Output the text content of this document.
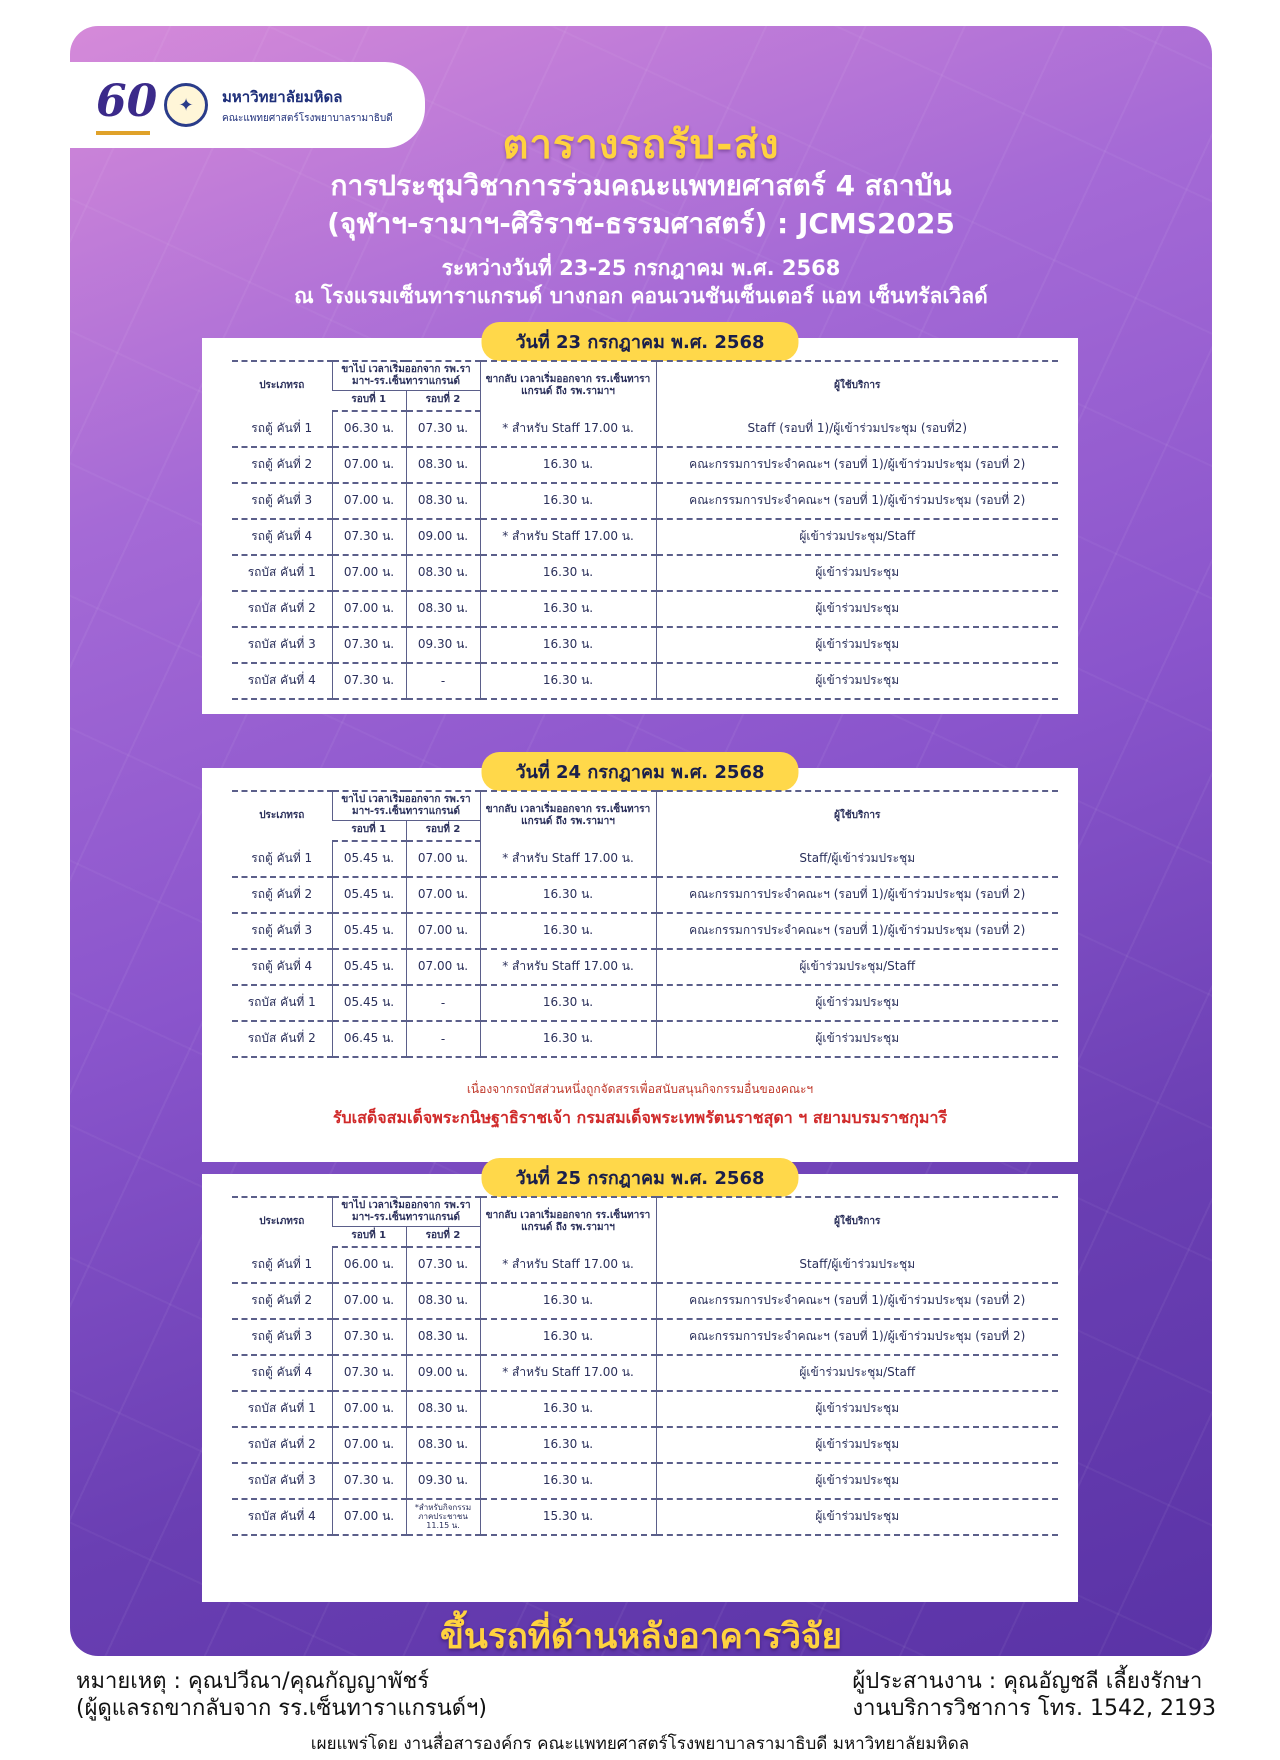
60	✦	มหาวิทยาลัยมหิดล
คณะแพทยศาสตร์โรงพยาบาลรามาธิบดี
ตารางรถรับ-ส่ง
การประชุมวิชาการร่วมคณะแพทยศาสตร์ 4 สถาบัน
(จุฬาฯ-รามาฯ-ศิริราช-ธรรมศาสตร์) : JCMS2025
ระหว่างวันที่ 23-25 กรกฎาคม พ.ศ. 2568
ณ โรงแรมเซ็นทาราแกรนด์ บางกอก คอนเวนชันเซ็นเตอร์ แอท เซ็นทรัลเวิลด์
วันที่ 23 กรกฎาคม พ.ศ. 2568
ประเภทรถ	ขาไป เวลาเริ่มออกจาก รพ.รามาฯ-รร.เซ็นทาราแกรนด์		ขากลับ เวลาเริ่มออกจาก รร.เซ็นทาราแกรนด์ ถึง รพ.รามาฯ	ผู้ใช้บริการ
	รอบที่ 1	รอบที่ 2		
รถตู้ คันที่ 1	06.30 น.	07.30 น.	* สำหรับ Staff 17.00 น.	Staff (รอบที่ 1)/ผู้เข้าร่วมประชุม (รอบที่2)
รถตู้ คันที่ 2	07.00 น.	08.30 น.	16.30 น.	คณะกรรมการประจำคณะฯ (รอบที่ 1)/ผู้เข้าร่วมประชุม (รอบที่ 2)
รถตู้ คันที่ 3	07.00 น.	08.30 น.	16.30 น.	คณะกรรมการประจำคณะฯ (รอบที่ 1)/ผู้เข้าร่วมประชุม (รอบที่ 2)
รถตู้ คันที่ 4	07.30 น.	09.00 น.	* สำหรับ Staff 17.00 น.	ผู้เข้าร่วมประชุม/Staff
รถบัส คันที่ 1	07.00 น.	08.30 น.	16.30 น.	ผู้เข้าร่วมประชุม
รถบัส คันที่ 2	07.00 น.	08.30 น.	16.30 น.	ผู้เข้าร่วมประชุม
รถบัส คันที่ 3	07.30 น.	09.30 น.	16.30 น.	ผู้เข้าร่วมประชุม
รถบัส คันที่ 4	07.30 น.	-	16.30 น.	ผู้เข้าร่วมประชุม
วันที่ 24 กรกฎาคม พ.ศ. 2568
ประเภทรถ	ขาไป เวลาเริ่มออกจาก รพ.รามาฯ-รร.เซ็นทาราแกรนด์		ขากลับ เวลาเริ่มออกจาก รร.เซ็นทาราแกรนด์ ถึง รพ.รามาฯ	ผู้ใช้บริการ
	รอบที่ 1	รอบที่ 2		
รถตู้ คันที่ 1	05.45 น.	07.00 น.	* สำหรับ Staff 17.00 น.	Staff/ผู้เข้าร่วมประชุม
รถตู้ คันที่ 2	05.45 น.	07.00 น.	16.30 น.	คณะกรรมการประจำคณะฯ (รอบที่ 1)/ผู้เข้าร่วมประชุม (รอบที่ 2)
รถตู้ คันที่ 3	05.45 น.	07.00 น.	16.30 น.	คณะกรรมการประจำคณะฯ (รอบที่ 1)/ผู้เข้าร่วมประชุม (รอบที่ 2)
รถตู้ คันที่ 4	05.45 น.	07.00 น.	* สำหรับ Staff 17.00 น.	ผู้เข้าร่วมประชุม/Staff
รถบัส คันที่ 1	05.45 น.	-	16.30 น.	ผู้เข้าร่วมประชุม
รถบัส คันที่ 2	06.45 น.	-	16.30 น.	ผู้เข้าร่วมประชุม
เนื่องจากรถบัสส่วนหนึ่งถูกจัดสรรเพื่อสนับสนุนกิจกรรมอื่นของคณะฯ
รับเสด็จสมเด็จพระกนิษฐาธิราชเจ้า กรมสมเด็จพระเทพรัตนราชสุดา ฯ สยามบรมราชกุมารี
วันที่ 25 กรกฎาคม พ.ศ. 2568
ประเภทรถ	ขาไป เวลาเริ่มออกจาก รพ.รามาฯ-รร.เซ็นทาราแกรนด์		ขากลับ เวลาเริ่มออกจาก รร.เซ็นทาราแกรนด์ ถึง รพ.รามาฯ	ผู้ใช้บริการ
	รอบที่ 1	รอบที่ 2		
รถตู้ คันที่ 1	06.00 น.	07.30 น.	* สำหรับ Staff 17.00 น.	Staff/ผู้เข้าร่วมประชุม
รถตู้ คันที่ 2	07.00 น.	08.30 น.	16.30 น.	คณะกรรมการประจำคณะฯ (รอบที่ 1)/ผู้เข้าร่วมประชุม (รอบที่ 2)
รถตู้ คันที่ 3	07.30 น.	08.30 น.	16.30 น.	คณะกรรมการประจำคณะฯ (รอบที่ 1)/ผู้เข้าร่วมประชุม (รอบที่ 2)
รถตู้ คันที่ 4	07.30 น.	09.00 น.	* สำหรับ Staff 17.00 น.	ผู้เข้าร่วมประชุม/Staff
รถบัส คันที่ 1	07.00 น.	08.30 น.	16.30 น.	ผู้เข้าร่วมประชุม
รถบัส คันที่ 2	07.00 น.	08.30 น.	16.30 น.	ผู้เข้าร่วมประชุม
รถบัส คันที่ 3	07.30 น.	09.30 น.	16.30 น.	ผู้เข้าร่วมประชุม
รถบัส คันที่ 4	07.00 น.	*สำหรับกิจกรรม ภาคประชาชน 11.15 น.	15.30 น.	ผู้เข้าร่วมประชุม
ขึ้นรถที่ด้านหลังอาคารวิจัย
หมายเหตุ : คุณปวีณา/คุณกัญญาพัชร์
(ผู้ดูแลรถขากลับจาก รร.เซ็นทาราแกรนด์ฯ)
ผู้ประสานงาน : คุณอัญชลี เลี้ยงรักษา
งานบริการวิชาการ โทร. 1542, 2193
เผยแพร่โดย งานสื่อสารองค์กร คณะแพทยศาสตร์โรงพยาบาลรามาธิบดี มหาวิทยาลัยมหิดล
